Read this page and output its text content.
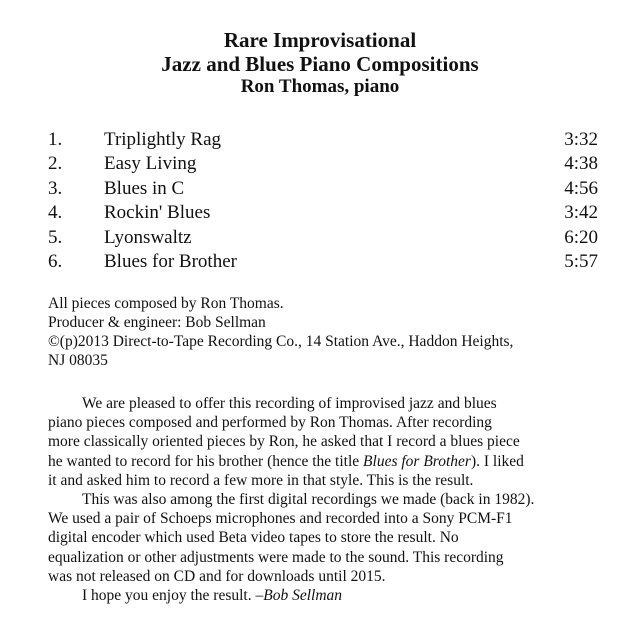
Rare Improvisational
Jazz and Blues Piano Compositions
Ron Thomas, piano
1. Triplightly Rag	3:32
2. Easy Living	4:38
3. Blues in C	4:56
4. Rockin' Blues	3:42
5. Lyonswaltz	6:20
6. Blues for Brother	5:57
All pieces composed by Ron Thomas.
Producer & engineer: Bob Sellman
©(p)2013 Direct-to-Tape Recording Co., 14 Station Ave., Haddon Heights,
NJ 08035
We are pleased to offer this recording of improvised jazz and blues
piano pieces composed and performed by Ron Thomas. After recording
more classically oriented pieces by Ron, he asked that I record a blues piece
he wanted to record for his brother (hence the title Blues for Brother ). I liked
it and asked him to record a few more in that style. This is the result.
This was also among the first digital recordings we made (back in 1982).
We used a pair of Schoeps microphones and recorded into a Sony PCM-F1
digital encoder which used Beta video tapes to store the result. No
equalization or other adjustments were made to the sound. This recording
was not released on CD and for downloads until 2015.
I hope you enjoy the result. –Bob Sellman
